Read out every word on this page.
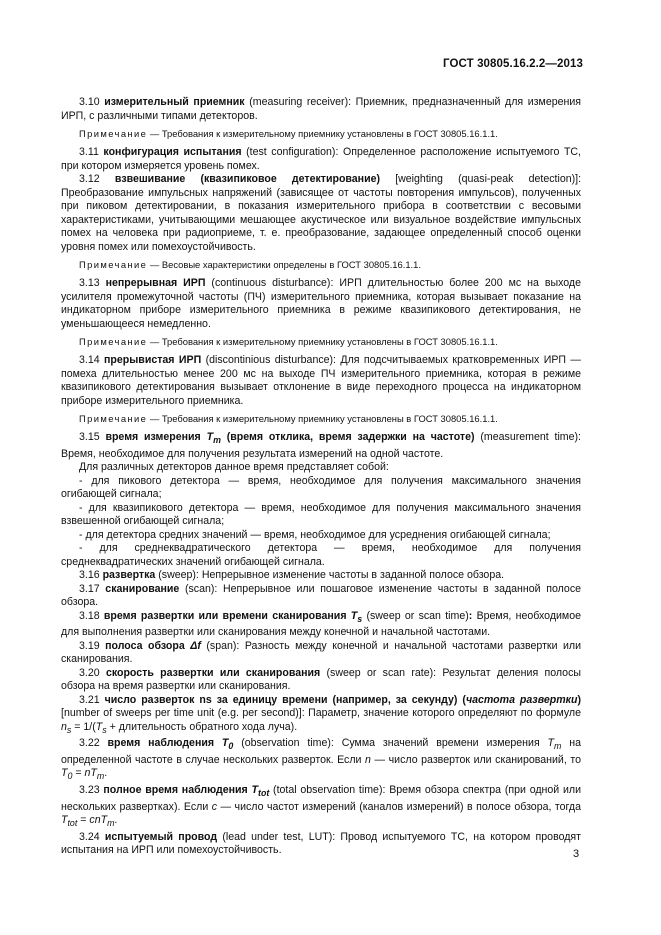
ГОСТ 30805.16.2.2—2013

3.10 измерительный приемник (measuring receiver): Приемник, предназначенный для измерения ИРП, с различными типами детекторов.

Примечание — Требования к измерительному приемнику установлены в ГОСТ 30805.16.1.1.

3.11 конфигурация испытания (test configuration): Определенное расположение испытуемого ТС, при котором измеряется уровень помех.

3.12 взвешивание (квазипиковое детектирование) [weighting (quasi-peak detection)]: Преобразование импульсных напряжений (зависящее от частоты повторения импульсов), полученных при пиковом детектировании, в показания измерительного прибора в соответствии с весовыми характеристиками, учитывающими мешающее акустическое или визуальное воздействие импульсных помех на человека при радиоприеме, т. е. преобразование, задающее определенный способ оценки уровня помех или помехоустойчивость.

Примечание — Весовые характеристики определены в ГОСТ 30805.16.1.1.

3.13 непрерывная ИРП (continuous disturbance): ИРП длительностью более 200 мс на выходе усилителя промежуточной частоты (ПЧ) измерительного приемника, которая вызывает показание на индикаторном приборе измерительного приемника в режиме квазипикового детектирования, не уменьшающееся немедленно.

Примечание — Требования к измерительному приемнику установлены в ГОСТ 30805.16.1.1.

3.14 прерывистая ИРП (discontinious disturbance): Для подсчитываемых кратковременных ИРП — помеха длительностью менее 200 мс на выходе ПЧ измерительного приемника, которая в режиме квазипикового детектирования вызывает отклонение в виде переходного процесса на индикаторном приборе измерительного приемника.

Примечание — Требования к измерительному приемнику установлены в ГОСТ 30805.16.1.1.

3.15 время измерения $T_m$ (время отклика, время задержки на частоте) (measurement time): Время, необходимое для получения результата измерений на одной частоте.

Для различных детекторов данное время представляет собой:

- для пикового детектора — время, необходимое для получения максимального значения огибающей сигнала;

- для квазипикового детектора — время, необходимое для получения максимального значения взвешенной огибающей сигнала;

- для детектора средних значений — время, необходимое для усреднения огибающей сигнала;

- для среднеквадратического детектора — время, необходимое для получения среднеквадратических значений огибающей сигнала.

3.16 развертка (sweep): Непрерывное изменение частоты в заданной полосе обзора.

3.17 сканирование (scan): Непрерывное или пошаговое изменение частоты в заданной полосе обзора.

3.18 время развертки или времени сканирования $T_s$ (sweep or scan time): Время, необходимое для выполнения развертки или сканирования между конечной и начальной частотами.

3.19 полоса обзора Δf (span): Разность между конечной и начальной частотами развертки или сканирования.

3.20 скорость развертки или сканирования (sweep or scan rate): Результат деления полосы обзора на время развертки или сканирования.

3.21 число разверток ns за единицу времени (например, за секунду) (частота развертки) [number of sweeps per time unit (e.g. per second)]: Параметр, значение которого определяют по формуле $n_s = 1/(T_s$ + длительность обратного хода луча).

3.22 время наблюдения $T_0$ (observation time): Сумма значений времени измерения $T_m$ на определенной частоте в случае нескольких разверток. Если n — число разверток или сканирований, то $T_0 = nT_m$.

3.23 полное время наблюдения $T_{tot}$ (total observation time): Время обзора спектра (при одной или нескольких развертках). Если c — число частот измерений (каналов измерений) в полосе обзора, тогда $T_{tot} = cnT_m$.

3.24 испытуемый провод (lead under test, LUT): Провод испытуемого ТС, на котором проводят испытания на ИРП или помехоустойчивость.	3
